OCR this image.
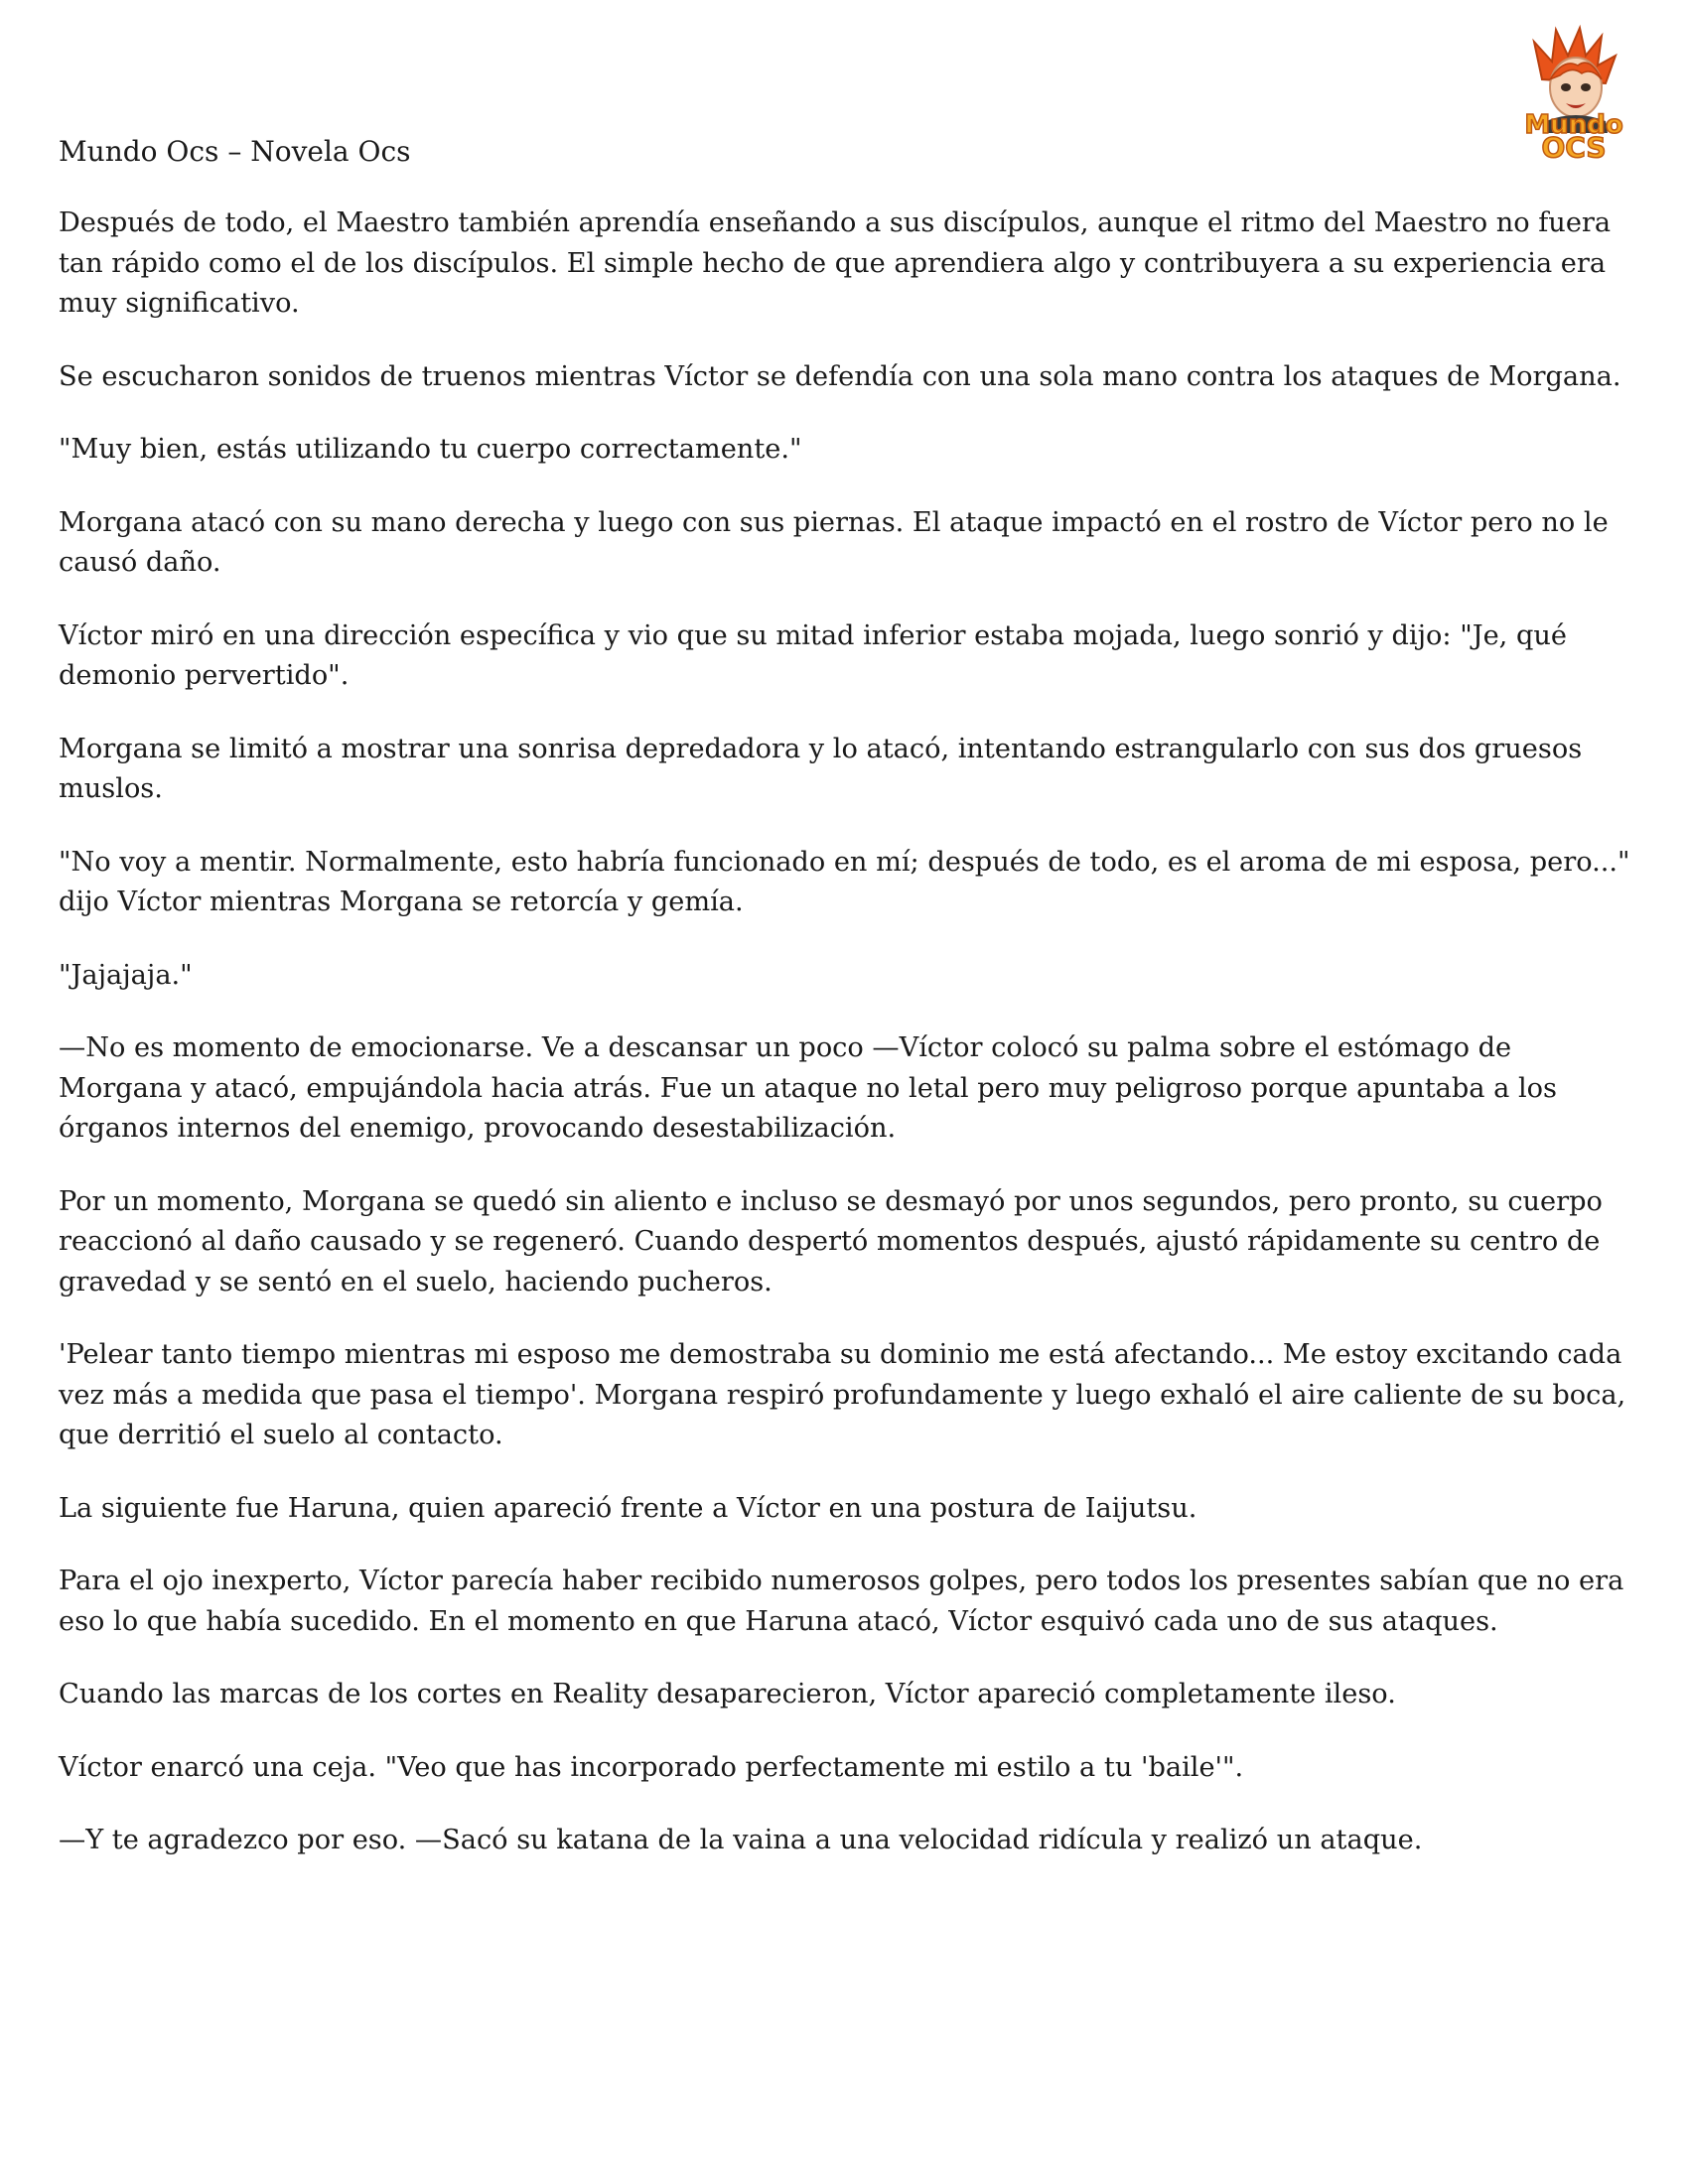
Mundo
OCS

Mundo Ocs – Novela Ocs

Después de todo, el Maestro también aprendía enseñando a sus discípulos, aunque el ritmo del Maestro no fuera tan rápido como el de los discípulos. El simple hecho de que aprendiera algo y contribuyera a su experiencia era muy significativo.

Se escucharon sonidos de truenos mientras Víctor se defendía con una sola mano contra los ataques de Morgana.

"Muy bien, estás utilizando tu cuerpo correctamente."

Morgana atacó con su mano derecha y luego con sus piernas. El ataque impactó en el rostro de Víctor pero no le causó daño.

Víctor miró en una dirección específica y vio que su mitad inferior estaba mojada, luego sonrió y dijo: "Je, qué demonio pervertido".

Morgana se limitó a mostrar una sonrisa depredadora y lo atacó, intentando estrangularlo con sus dos gruesos muslos.

"No voy a mentir. Normalmente, esto habría funcionado en mí; después de todo, es el aroma de mi esposa, pero..." dijo Víctor mientras Morgana se retorcía y gemía.

"Jajajaja."

—No es momento de emocionarse. Ve a descansar un poco —Víctor colocó su palma sobre el estómago de Morgana y atacó, empujándola hacia atrás. Fue un ataque no letal pero muy peligroso porque apuntaba a los órganos internos del enemigo, provocando desestabilización.

Por un momento, Morgana se quedó sin aliento e incluso se desmayó por unos segundos, pero pronto, su cuerpo reaccionó al daño causado y se regeneró. Cuando despertó momentos después, ajustó rápidamente su centro de gravedad y se sentó en el suelo, haciendo pucheros.

'Pelear tanto tiempo mientras mi esposo me demostraba su dominio me está afectando... Me estoy excitando cada vez más a medida que pasa el tiempo'. Morgana respiró profundamente y luego exhaló el aire caliente de su boca, que derritió el suelo al contacto.

La siguiente fue Haruna, quien apareció frente a Víctor en una postura de Iaijutsu.

Para el ojo inexperto, Víctor parecía haber recibido numerosos golpes, pero todos los presentes sabían que no era eso lo que había sucedido. En el momento en que Haruna atacó, Víctor esquivó cada uno de sus ataques.

Cuando las marcas de los cortes en Reality desaparecieron, Víctor apareció completamente ileso.

Víctor enarcó una ceja. "Veo que has incorporado perfectamente mi estilo a tu 'baile'".

—Y te agradezco por eso. —Sacó su katana de la vaina a una velocidad ridícula y realizó un ataque.
